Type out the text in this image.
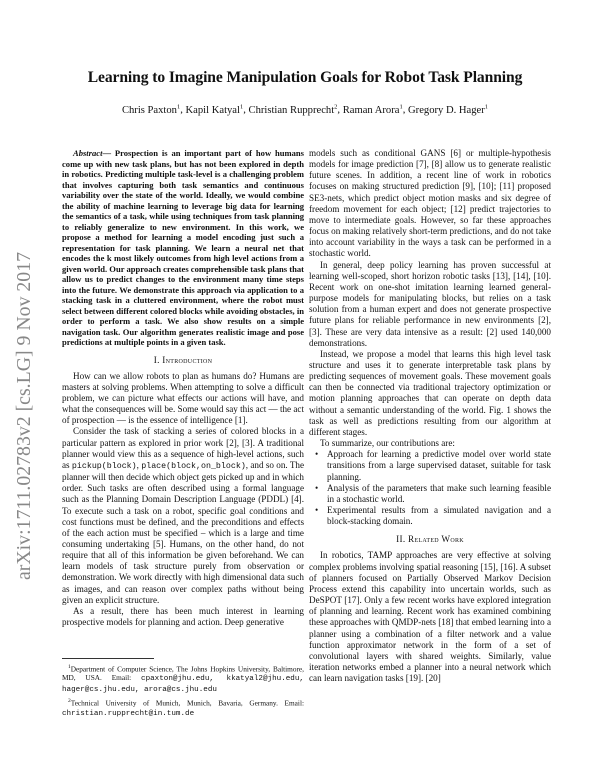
arXiv:1711.02783v2 [cs.LG] 9 Nov 2017
Learning to Imagine Manipulation Goals for Robot Task Planning
Chris Paxton$^1$, Kapil Katyal$^1$, Christian Rupprecht$^2$, Raman Arora$^1$, Gregory D. Hager$^1$

Abstract— Prospection is an important part of how humans come up with new task plans, but has not been explored in depth in robotics. Predicting multiple task-level is a challenging problem that involves capturing both task semantics and continuous variability over the state of the world. Ideally, we would combine the ability of machine learning to leverage big data for learning the semantics of a task, while using techniques from task planning to reliably generalize to new environment. In this work, we propose a method for learning a model encoding just such a representation for task planning. We learn a neural net that encodes the k most likely outcomes from high level actions from a given world. Our approach creates comprehensible task plans that allow us to predict changes to the environment many time steps into the future. We demonstrate this approach via application to a stacking task in a cluttered environment, where the robot must select between different colored blocks while avoiding obstacles, in order to perform a task. We also show results on a simple navigation task. Our algorithm generates realistic image and pose predictions at multiple points in a given task.

I. Introduction

How can we allow robots to plan as humans do? Humans are masters at solving problems. When attempting to solve a difficult problem, we can picture what effects our actions will have, and what the consequences will be. Some would say this act — the act of prospection — is the essence of intelligence [1].

Consider the task of stacking a series of colored blocks in a particular pattern as explored in prior work [2], [3]. A traditional planner would view this as a sequence of high-level actions, such as pickup(block), place(block,on_block), and so on. The planner will then decide which object gets picked up and in which order. Such tasks are often described using a formal language such as the Planning Domain Description Language (PDDL) [4]. To execute such a task on a robot, specific goal conditions and cost functions must be defined, and the preconditions and effects of the each action must be specified – which is a large and time consuming undertaking [5]. Humans, on the other hand, do not require that all of this information be given beforehand. We can learn models of task structure purely from observation or demonstration. We work directly with high dimensional data such as images, and can reason over complex paths without being given an explicit structure.

As a result, there has been much interest in learning prospective models for planning and action. Deep generative

$^1$Department of Computer Science, The Johns Hopkins University, Baltimore, MD, USA. Email: cpaxton@jhu.edu, kkatyal2@jhu.edu, hager@cs.jhu.edu, arora@cs.jhu.edu

$^2$Technical University of Munich, Munich, Bavaria, Germany. Email: christian.rupprecht@in.tum.de

models such as conditional GANS [6] or multiple-hypothesis models for image prediction [7], [8] allow us to generate realistic future scenes. In addition, a recent line of work in robotics focuses on making structured prediction [9], [10]; [11] proposed SE3-nets, which predict object motion masks and six degree of freedom movement for each object; [12] predict trajectories to move to intermediate goals. However, so far these approaches focus on making relatively short-term predictions, and do not take into account variability in the ways a task can be performed in a stochastic world.

In general, deep policy learning has proven successful at learning well-scoped, short horizon robotic tasks [13], [14], [10]. Recent work on one-shot imitation learning learned general-purpose models for manipulating blocks, but relies on a task solution from a human expert and does not generate prospective future plans for reliable performance in new environments [2], [3]. These are very data intensive as a result: [2] used 140,000 demonstrations.

Instead, we propose a model that learns this high level task structure and uses it to generate interpretable task plans by predicting sequences of movement goals. These movement goals can then be connected via traditional trajectory optimization or motion planning approaches that can operate on depth data without a semantic understanding of the world. Fig. 1 shows the task as well as predictions resulting from our algorithm at different stages.

To summarize, our contributions are:

• Approach for learning a predictive model over world state transitions from a large supervised dataset, suitable for task planning.
• Analysis of the parameters that make such learning feasible in a stochastic world.
• Experimental results from a simulated navigation and a block-stacking domain.
II. Related Work

In robotics, TAMP approaches are very effective at solving complex problems involving spatial reasoning [15], [16]. A subset of planners focused on Partially Observed Markov Decision Process extend this capability into uncertain worlds, such as DeSPOT [17]. Only a few recent works have explored integration of planning and learning. Recent work has examined combining these approaches with QMDP-nets [18] that embed learning into a planner using a combination of a filter network and a value function approximator network in the form of a set of convolutional layers with shared weights. Similarly, value iteration networks embed a planner into a neural network which can learn navigation tasks [19]. [20]
